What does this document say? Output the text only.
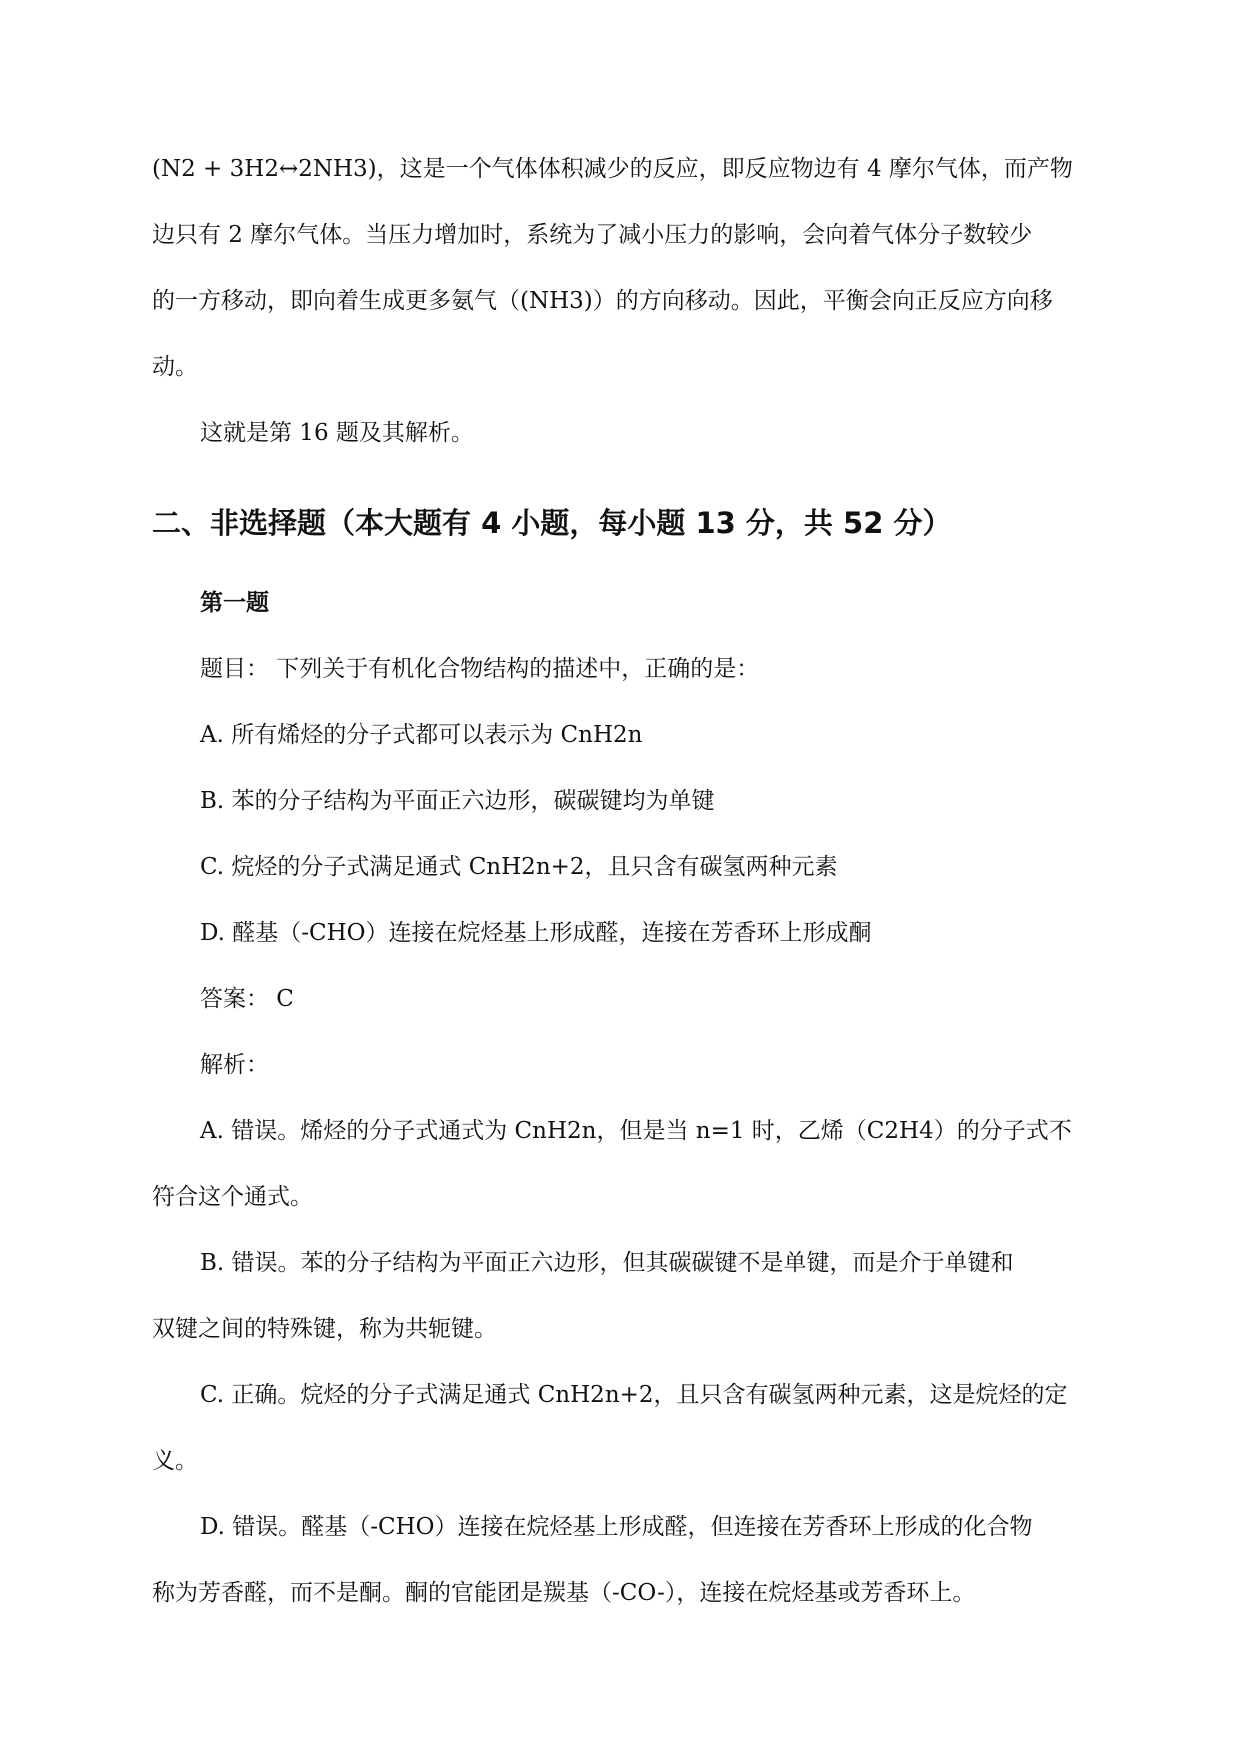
(N2 + 3H2↔2NH3)，这是一个气体体积减少的反应，即反应物边有 4 摩尔气体，而产物

边只有 2 摩尔气体。当压力增加时，系统为了减小压力的影响，会向着气体分子数较少

的一方移动，即向着生成更多氨气（(NH3)）的方向移动。因此，平衡会向正反应方向移

动。

这就是第 16 题及其解析。

二、非选择题（本大题有 4 小题，每小题 13 分，共 52 分）
第一题

题目： 下列关于有机化合物结构的描述中，正确的是：

A. 所有烯烃的分子式都可以表示为 CnH2n

B. 苯的分子结构为平面正六边形，碳碳键均为单键

C. 烷烃的分子式满足通式 CnH2n+2，且只含有碳氢两种元素

D. 醛基（-CHO）连接在烷烃基上形成醛，连接在芳香环上形成酮

答案： C

解析：

A. 错误。烯烃的分子式通式为 CnH2n，但是当 n=1 时，乙烯（C2H4）的分子式不

符合这个通式。

B. 错误。苯的分子结构为平面正六边形，但其碳碳键不是单键，而是介于单键和

双键之间的特殊键，称为共轭键。

C. 正确。烷烃的分子式满足通式 CnH2n+2，且只含有碳氢两种元素，这是烷烃的定

义。

D. 错误。醛基（-CHO）连接在烷烃基上形成醛，但连接在芳香环上形成的化合物

称为芳香醛，而不是酮。酮的官能团是羰基（-CO-），连接在烷烃基或芳香环上。
